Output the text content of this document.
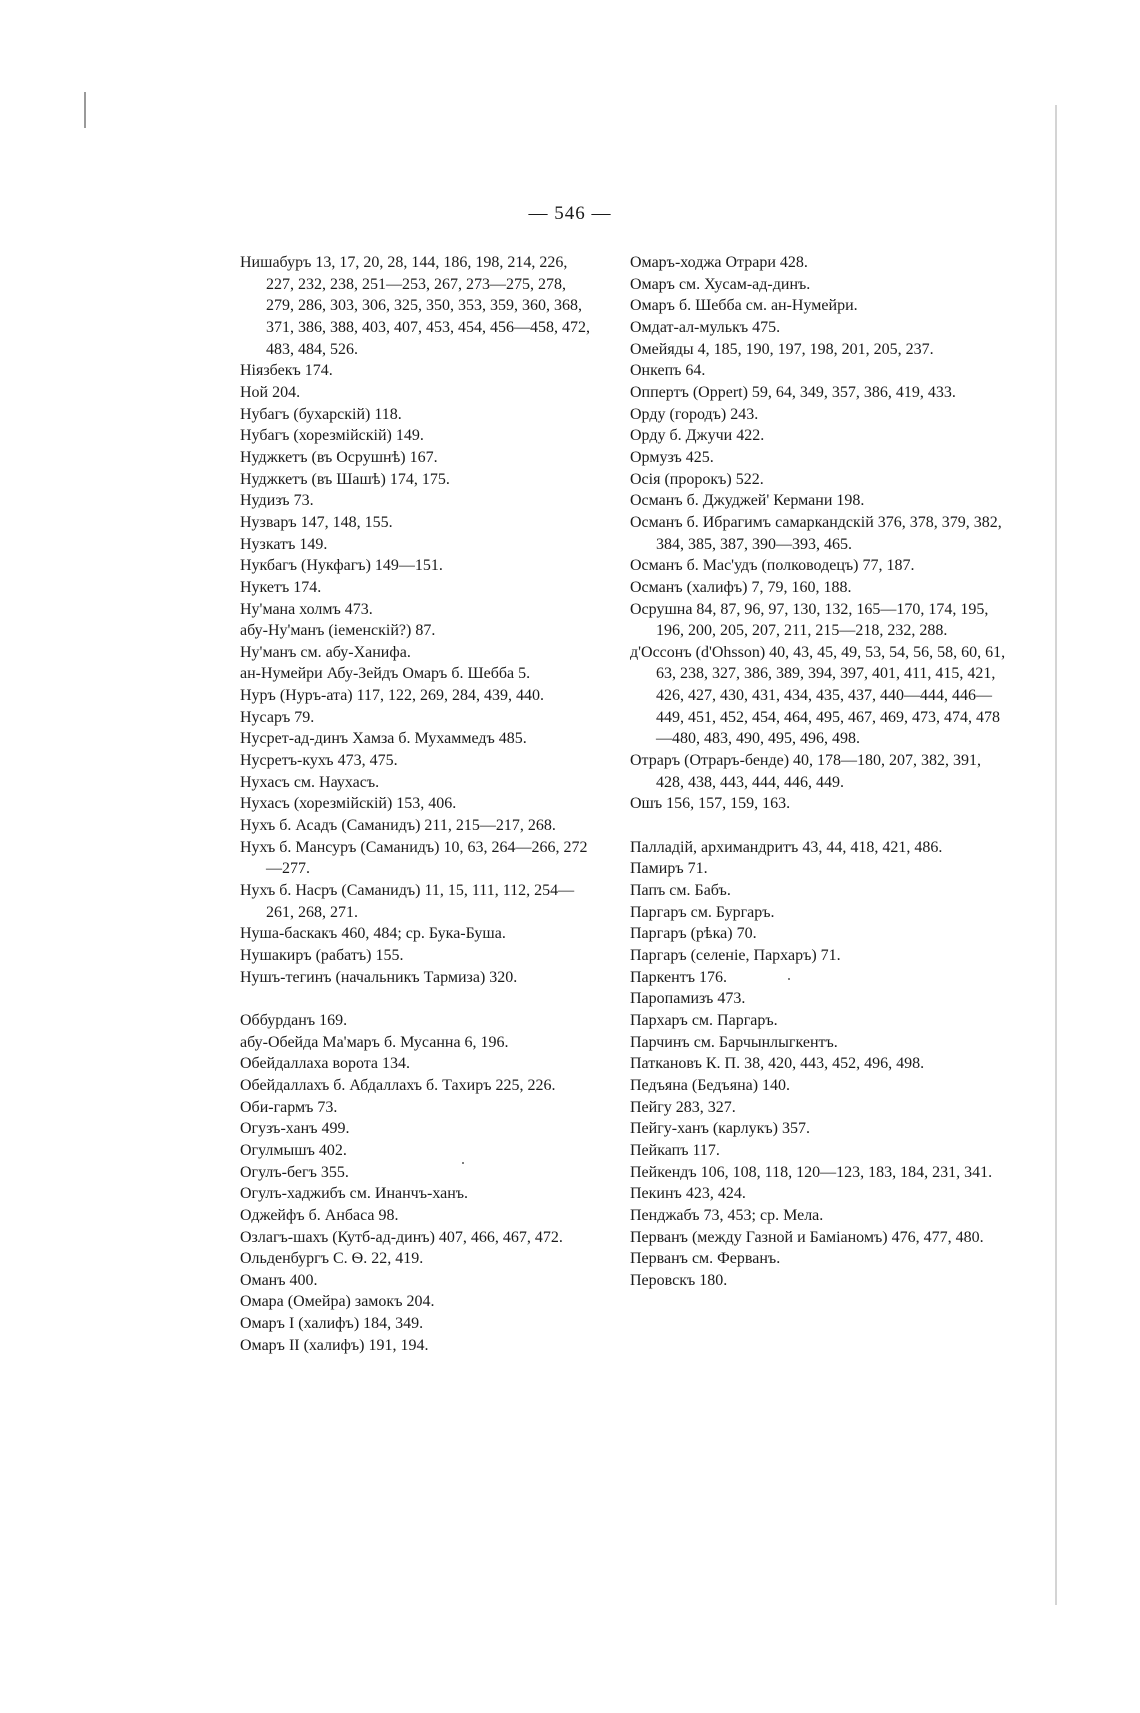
— 546 —
Нишабуръ 13, 17, 20, 28, 144, 186, 198, 214, 226, 227, 232, 238, 251—253, 267, 273—275, 278, 279, 286, 303, 306, 325, 350, 353, 359, 360, 368, 371, 386, 388, 403, 407, 453, 454, 456—458, 472, 483, 484, 526.
Ніязбекъ 174.
Ной 204.
Нубагъ (бухарскій) 118.
Нубагъ (хорезмійскій) 149.
Нуджкетъ (въ Осрушнѣ) 167.
Нуджкетъ (въ Шашѣ) 174, 175.
Нудизъ 73.
Нузваръ 147, 148, 155.
Нузкатъ 149.
Нукбагъ (Нукфагъ) 149—151.
Нукетъ 174.
Ну'мана холмъ 473.
абу-Ну'манъ (іеменскій?) 87.
Ну'манъ см. абу-Ханифа.
ан-Нумейри Абу-Зейдъ Омаръ б. Шебба 5.
Нуръ (Нуръ-ата) 117, 122, 269, 284, 439, 440.
Нусаръ 79.
Нусрет-ад-динъ Хамза б. Мухаммедъ 485.
Нусретъ-кухъ 473, 475.
Нухасъ см. Наухасъ.
Нухасъ (хорезмійскій) 153, 406.
Нухъ б. Асадъ (Саманидъ) 211, 215—217, 268.
Нухъ б. Мансуръ (Саманидъ) 10, 63, 264—266, 272—277.
Нухъ б. Насръ (Саманидъ) 11, 15, 111, 112, 254—261, 268, 271.
Нуша-баскакъ 460, 484; ср. Бука-Буша.
Нушакиръ (рабатъ) 155.
Нушъ-тегинъ (начальникъ Тармиза) 320.
Оббурданъ 169.
абу-Обейда Ма'маръ б. Мусанна 6, 196.
Обейдаллаха ворота 134.
Обейдаллахъ б. Абдаллахъ б. Тахиръ 225, 226.
Оби-гармъ 73.
Огузъ-ханъ 499.
Огулмышъ 402.
Огулъ-бегъ 355.
Огулъ-хаджибъ см. Инанчъ-ханъ.
Оджейфъ б. Анбаса 98.
Озлагъ-шахъ (Кутб-ад-динъ) 407, 466, 467, 472.
Ольденбургъ С. Ѳ. 22, 419.
Оманъ 400.
Омара (Омейра) замокъ 204.
Омаръ I (халифъ) 184, 349.
Омаръ II (халифъ) 191, 194.
Омаръ-ходжа Отрари 428.
Омаръ см. Хусам-ад-динъ.
Омаръ б. Шебба см. ан-Нумейри.
Омдат-ал-мулькъ 475.
Омейяды 4, 185, 190, 197, 198, 201, 205, 237.
Онкепъ 64.
Оппертъ (Oppert) 59, 64, 349, 357, 386, 419, 433.
Орду (городъ) 243.
Орду б. Джучи 422.
Ормузъ 425.
Осія (пророкъ) 522.
Османъ б. Джуджей' Кермани 198.
Османъ б. Ибрагимъ самаркандскій 376, 378, 379, 382, 384, 385, 387, 390—393, 465.
Османъ б. Мас'удъ (полководецъ) 77, 187.
Османъ (халифъ) 7, 79, 160, 188.
Осрушна 84, 87, 96, 97, 130, 132, 165—170, 174, 195, 196, 200, 205, 207, 211, 215—218, 232, 288.
д'Оссонъ (d'Ohsson) 40, 43, 45, 49, 53, 54, 56, 58, 60, 61, 63, 238, 327, 386, 389, 394, 397, 401, 411, 415, 421, 426, 427, 430, 431, 434, 435, 437, 440—444, 446—449, 451, 452, 454, 464, 495, 467, 469, 473, 474, 478—480, 483, 490, 495, 496, 498.
Отраръ (Отраръ-бенде) 40, 178—180, 207, 382, 391, 428, 438, 443, 444, 446, 449.
Ошъ 156, 157, 159, 163.
Палладій, архимандритъ 43, 44, 418, 421, 486.
Памиръ 71.
Папъ см. Бабъ.
Паргаръ см. Бургаръ.
Паргаръ (рѣка) 70.
Паргаръ (селеніе, Пархаръ) 71.
Паркентъ 176.
Паропамизъ 473.
Пархаръ см. Паргаръ.
Парчинъ см. Барчынлыгкентъ.
Паткановъ К. П. 38, 420, 443, 452, 496, 498.
Педъяна (Бедъяна) 140.
Пейгу 283, 327.
Пейгу-ханъ (карлукъ) 357.
Пейкапъ 117.
Пейкендъ 106, 108, 118, 120—123, 183, 184, 231, 341.
Пекинъ 423, 424.
Пенджабъ 73, 453; ср. Мела.
Перванъ (между Газной и Баміаномъ) 476, 477, 480.
Перванъ см. Ферванъ.
Перовскъ 180.
